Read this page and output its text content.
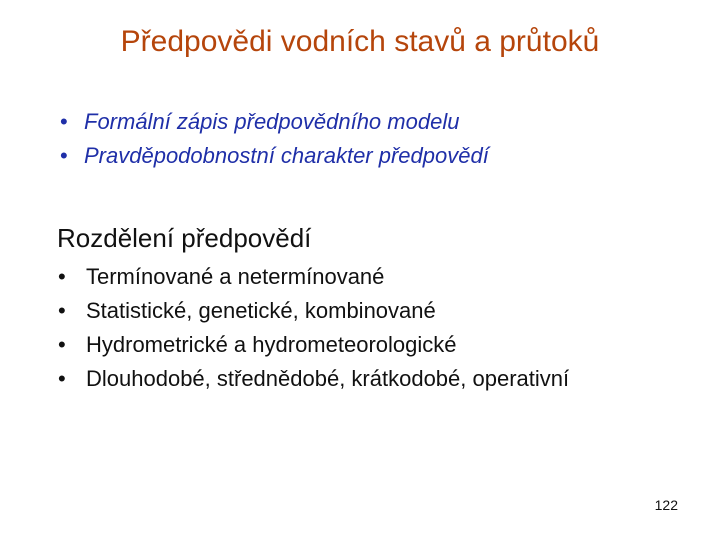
Předpovědi vodních stavů a průtoků
• Formální zápis předpovědního modelu
• Pravděpodobnostní charakter předpovědí
Rozdělení předpovědí
• Termínované a netermínované
• Statistické, genetické, kombinované
• Hydrometrické a hydrometeorologické
• Dlouhodobé, střednědobé, krátkodobé, operativní
122
